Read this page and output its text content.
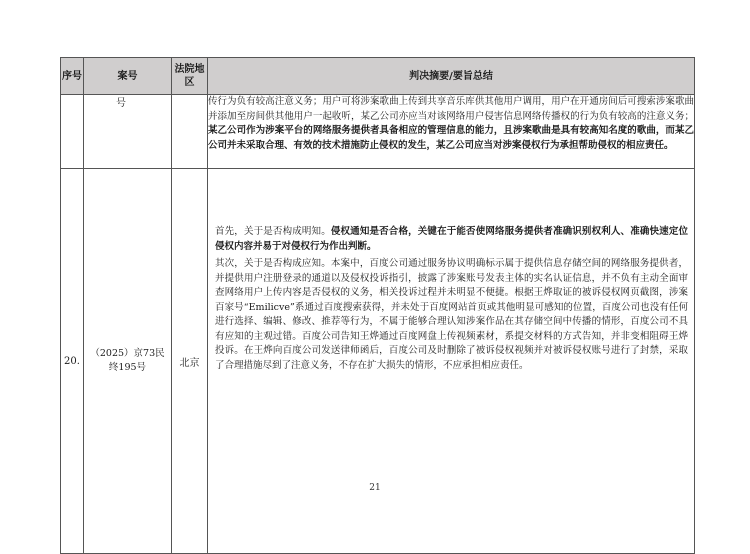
序号	案号	法院地区	判决摘要/要旨总结

	号		传行为负有较高注意义务；用户可将涉案歌曲上传到共享音乐库供其他用户调用，用户在开通房间后可搜索涉案歌曲并添加至房间供其他用户一起收听，某乙公司亦应当对该网络用户侵害信息网络传播权的行为负有较高的注意义务；某乙公司作为涉案平台的网络服务提供者具备相应的管理信息的能力，且涉案歌曲是具有较高知名度的歌曲，而某乙公司并未采取合理、有效的技术措施防止侵权的发生，某乙公司应当对涉案侵权行为承担帮助侵权的相应责任。

20.	（2025）京73民终195号	北京	首先，关于是否构成明知。侵权通知是否合格，关键在于能否使网络服务提供者准确识别权利人、准确快速定位侵权内容并易于对侵权行为作出判断。

其次，关于是否构成应知。本案中，百度公司通过服务协议明确标示属于提供信息存储空间的网络服务提供者，并提供用户注册登录的通道以及侵权投诉指引，披露了涉案账号发表主体的实名认证信息，并不负有主动全面审查网络用户上传内容是否侵权的义务，相关投诉过程并未明显不便捷。根据王烨取证的被诉侵权网页截图，涉案百家号“Emilicve”系通过百度搜索获得，并未处于百度网站首页或其他明显可感知的位置，百度公司也没有任何进行选择、编辑、修改、推荐等行为，不属于能够合理认知涉案作品在其存储空间中传播的情形，百度公司不具有应知的主观过错。百度公司告知王烨通过百度网盘上传视频素材，系提交材料的方式告知，并非变相阻碍王烨投诉。在王烨向百度公司发送律师函后，百度公司及时删除了被诉侵权视频并对被诉侵权账号进行了封禁，采取了合理措施尽到了注意义务，不存在扩大损失的情形，不应承担相应责任。

21
